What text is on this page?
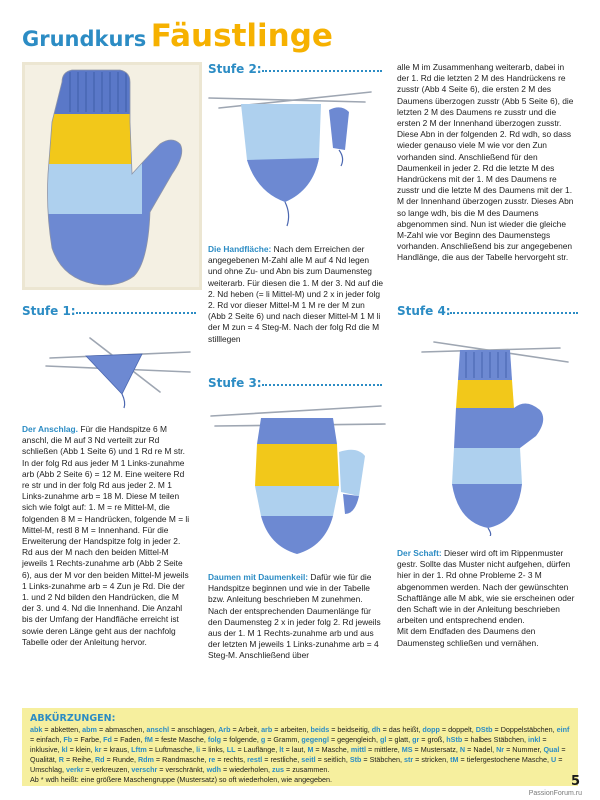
Grundkurs Fäustlinge
Stufe 1:

Der Anschlag. Für die Handspitze 6 M anschl, die M auf 3 Nd verteilt zur Rd schließen (Abb 1 Seite 6) und 1 Rd re M str. In der folg Rd aus jeder M 1 Links-zunahme arb (Abb 2 Seite 6) = 12 M. Eine weitere Rd re str und in der folg Rd aus jeder 2. M 1 Links-zunahme arb = 18 M. Diese M teilen sich wie folgt auf: 1. M = re Mittel-M, die folgenden 8 M = Handrücken, folgende M = li Mittel-M, restl 8 M = Innenhand. Für die Erweiterung der Handspitze folg in jeder 2. Rd aus der M nach den beiden Mittel-M jeweils 1 Rechts-zunahme arb (Abb 2 Seite 6), aus der M vor den beiden Mittel-M jeweils 1 Links-zunahme arb = 4 Zun je Rd. Die der 1. und 2 Nd bilden den Handrücken, die M der 3. und 4. Nd die Innenhand. Die Anzahl bis der Umfang der Handfläche erreicht ist sowie deren Länge geht aus der nachfolg Tabelle oder der Anleitung hervor.

Stufe 2:

Die Handfläche: Nach dem Erreichen der angegebenen M-Zahl alle M auf 4 Nd legen und ohne Zu- und Abn bis zum Daumensteg weiterarb. Für diesen die 1. M der 3. Nd auf die 2. Nd heben (= li Mittel-M) und 2 x in jeder folg 2. Rd vor dieser Mittel-M 1 M re der M zun (Abb 2 Seite 6) und nach dieser Mittel-M 1 M li der M zun = 4 Steg-M. Nach der folg Rd die M stilllegen

Stufe 3:

Daumen mit Daumenkeil: Dafür wie für die Handspitze beginnen und wie in der Tabelle bzw. Anleitung beschrieben M zunehmen. Nach der entsprechenden Daumenlänge für den Daumensteg 2 x in jeder folg 2. Rd jeweils aus der 1. M 1 Rechts-zunahme arb und aus der letzten M jeweils 1 Links-zunahme arb = 4 Steg-M. Anschließend über

alle M im Zusammenhang weiterarb, dabei in der 1. Rd die letzten 2 M des Handrückens re zusstr (Abb 4 Seite 6), die ersten 2 M des Daumens überzogen zusstr (Abb 5 Seite 6), die letzten 2 M des Daumens re zusstr und die ersten 2 M der Innenhand überzogen zusstr. Diese Abn in der folgenden 2. Rd wdh, so dass wieder genauso viele M wie vor den Zun vorhanden sind. Anschließend für den Daumenkeil in jeder 2. Rd die letzte M des Handrückens mit der 1. M des Daumens re zusstr und die letzte M des Daumens mit der 1. M der Innenhand überzogen zusstr. Dieses Abn so lange wdh, bis die M des Daumens abgenommen sind. Nun ist wieder die gleiche M-Zahl wie vor Beginn des Daumenstegs vorhanden. Anschließend bis zur angegebenen Handlänge, die aus der Tabelle hervorgeht str.

Stufe 4:

Der Schaft: Dieser wird oft im Rippenmuster gestr. Sollte das Muster nicht aufgehen, dürfen hier in der 1. Rd ohne Probleme 2- 3 M abgenommen werden. Nach der gewünschten Schaftlänge alle M abk, wie sie erscheinen oder den Schaft wie in der Anleitung beschrieben arbeiten und entsprechend enden.
Mit dem Endfaden des Daumens den Daumensteg schließen und vernähen.

ABKÜRZUNGEN:
abk = abketten, abm = abmaschen, anschl = anschlagen, Arb = Arbeit, arb = arbeiten, beids = beidseitig, dh = das heißt, dopp = doppelt, DStb = Doppelstäbchen, einf = einfach, Fb = Farbe, Fd = Faden, fM = feste Masche, folg = folgende, g = Gramm, gegengl = gegengleich, gl = glatt, gr = groß, hStb = halbes Stäbchen, inkl = inklusive, kl = klein, kr = kraus, Lftm = Luftmasche, li = links, LL = Lauflänge, lt = laut, M = Masche, mittl = mittlere, MS = Mustersatz, N = Nadel, Nr = Nummer, Qual = Qualität, R = Reihe, Rd = Runde, Rdm = Randmasche, re = rechts, restl = restliche, seitl = seitlich, Stb = Stäbchen, str = stricken, tM = tiefergestochene Masche, U = Umschlag, verkr = verkreuzen, verschr = verschränkt, wdh = wiederholen, zus = zusammen.
Ab * wdh heißt: eine größere Maschengruppe (Mustersatz) so oft wiederholen, wie angegeben.	5
PassionForum.ru
